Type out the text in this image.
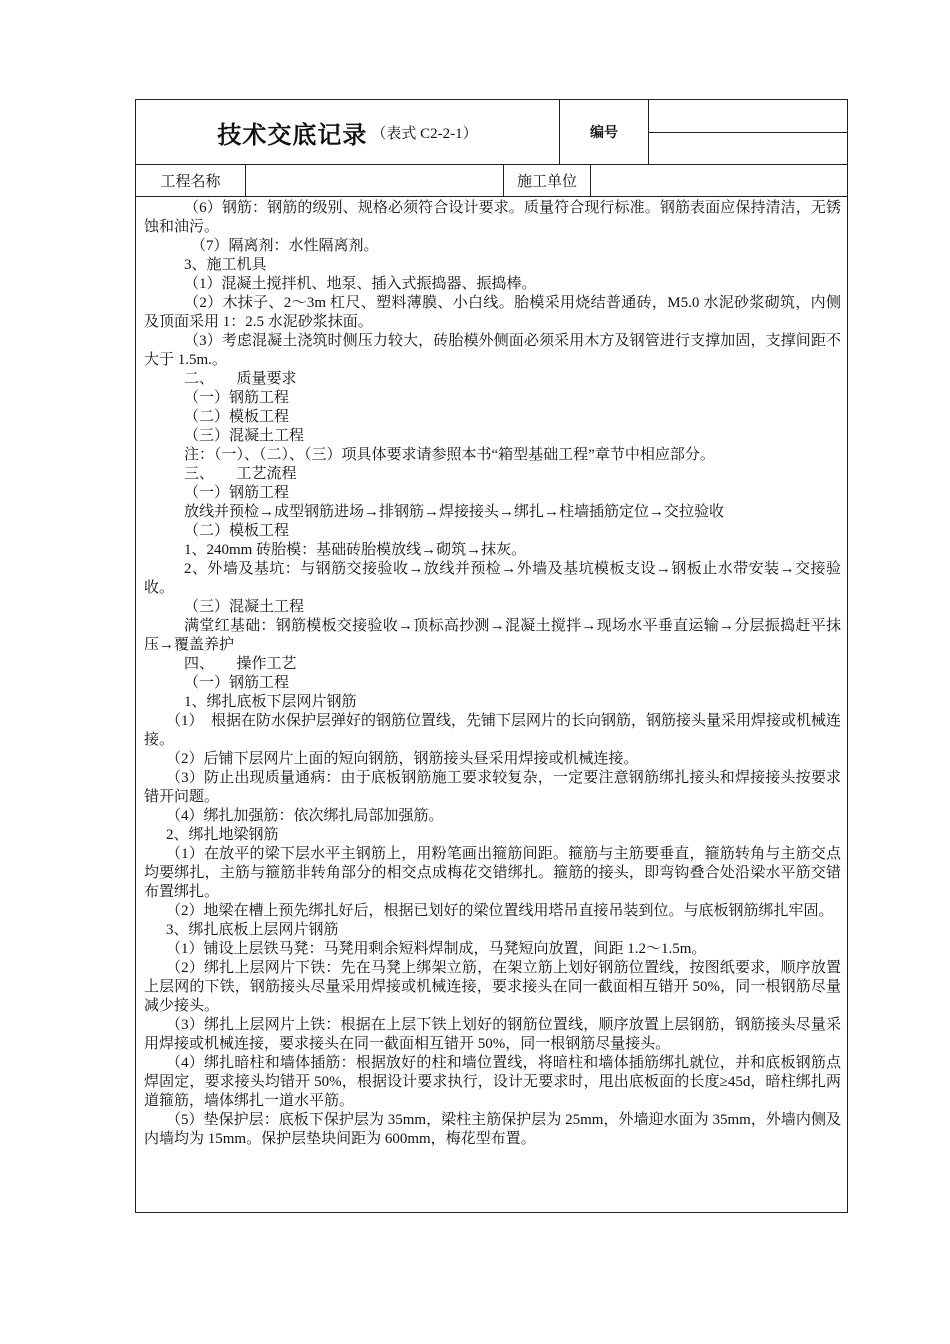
技术交底记录 （表式 C2-2-1）	编号
工程名称	施工单位

（6）钢筋：钢筋的级别、规格必须符合设计要求。质量符合现行标准。钢筋表面应保持清洁，无锈蚀和油污。

（7）隔离剂：水性隔离剂。

3、施工机具

（1）混凝土搅拌机、地泵、插入式振捣器、振捣棒。

（2）木抹子、2～3m 杠尺、塑料薄膜、小白线。胎模采用烧结普通砖，M5.0 水泥砂浆砌筑，内侧及顶面采用 1：2.5 水泥砂浆抹面。

（3）考虑混凝土浇筑时侧压力较大，砖胎模外侧面必须采用木方及钢管进行支撑加固，支撑间距不大于 1.5m.。

二、　　质量要求

（一）钢筋工程

（二）模板工程

（三）混凝土工程

注：（一）、（二）、（三）项具体要求请参照本书“箱型基础工程”章节中相应部分。

三、　　工艺流程

（一）钢筋工程

放线并预检→成型钢筋进场→排钢筋→焊接接头→绑扎→柱墙插筋定位→交拉验收

（二）模板工程

1、240mm 砖胎模：基础砖胎模放线→砌筑→抹灰。

2、外墙及基坑：与钢筋交接验收→放线并预检→外墙及基坑模板支设→钢板止水带安装→交接验收。

（三）混凝土工程

满堂红基础：钢筋模板交接验收→顶标高抄测→混凝土搅拌→现场水平垂直运输→分层振捣赶平抹压→覆盖养护

四、　　操作工艺

（一）钢筋工程

1、绑扎底板下层网片钢筋

（1）　根据在防水保护层弹好的钢筋位置线，先铺下层网片的长向钢筋，钢筋接头量采用焊接或机械连接。

（2）后铺下层网片上面的短向钢筋，钢筋接头昼采用焊接或机械连接。

（3）防止出现质量通病：由于底板钢筋施工要求较复杂，一定要注意钢筋绑扎接头和焊接接头按要求错开问题。

（4）绑扎加强筋：依次绑扎局部加强筋。

2、绑扎地梁钢筋

（1）在放平的梁下层水平主钢筋上，用粉笔画出箍筋间距。箍筋与主筋要垂直，箍筋转角与主筋交点均要绑扎，主筋与箍筋非转角部分的相交点成梅花交错绑扎。箍筋的接头，即弯钩叠合处沿梁水平筋交错布置绑扎。

（2）地梁在槽上预先绑扎好后，根据已划好的梁位置线用塔吊直接吊装到位。与底板钢筋绑扎牢固。

3、绑扎底板上层网片钢筋

（1）铺设上层铁马凳：马凳用剩余短料焊制成，马凳短向放置，间距 1.2～1.5m。

（2）绑扎上层网片下铁：先在马凳上绑架立筋，在架立筋上划好钢筋位置线，按图纸要求，顺序放置上层网的下铁，钢筋接头尽量采用焊接或机械连接，要求接头在同一截面相互错开 50%，同一根钢筋尽量减少接头。

（3）绑扎上层网片上铁：根据在上层下铁上划好的钢筋位置线，顺序放置上层钢筋，钢筋接头尽量采用焊接或机械连接，要求接头在同一截面相互错开 50%，同一根钢筋尽量接头。

（4）绑扎暗柱和墙体插筋：根据放好的柱和墙位置线，将暗柱和墙体插筋绑扎就位，并和底板钢筋点焊固定，要求接头均错开 50%，根据设计要求执行，设计无要求时，甩出底板面的长度≥45d，暗柱绑扎两道箍筋，墙体绑扎一道水平筋。

（5）垫保护层：底板下保护层为 35mm，梁柱主筋保护层为 25mm，外墙迎水面为 35mm，外墙内侧及内墙均为 15mm。保护层垫块间距为 600mm，梅花型布置。
